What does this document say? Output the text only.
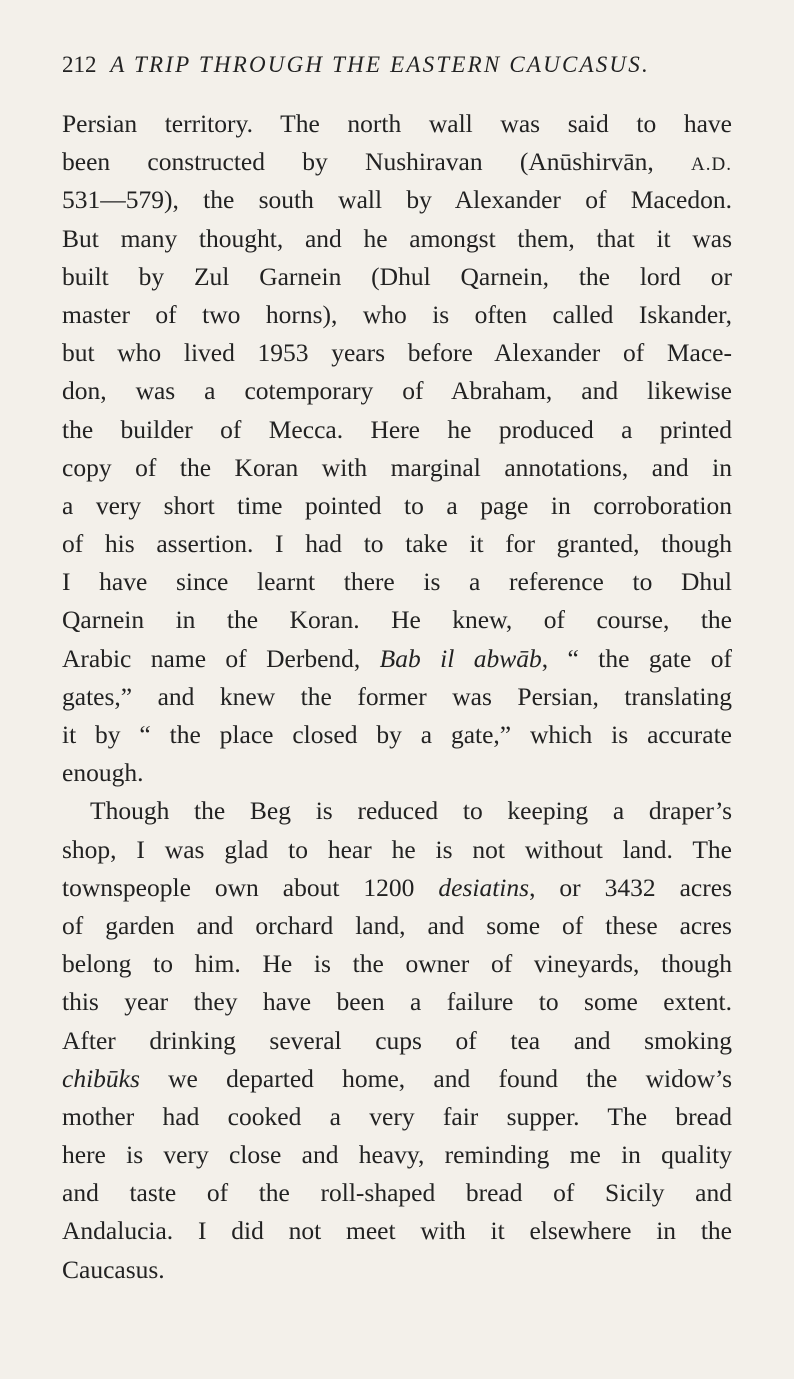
212 A TRIP THROUGH THE EASTERN CAUCASUS.
Persian territory. The north wall was said to have
been constructed by Nushiravan (Anūshirvān, A.D.
531—579), the south wall by Alexander of Macedon.
But many thought, and he amongst them, that it was
built by Zul Garnein (Dhul Qarnein, the lord or
master of two horns), who is often called Iskander,
but who lived 1953 years before Alexander of Mace-
don, was a cotemporary of Abraham, and likewise
the builder of Mecca. Here he produced a printed
copy of the Koran with marginal annotations, and in
a very short time pointed to a page in corroboration
of his assertion. I had to take it for granted, though
I have since learnt there is a reference to Dhul
Qarnein in the Koran. He knew, of course, the
Arabic name of Derbend, Bab il abwāb, “ the gate of
gates,” and knew the former was Persian, translating
it by “ the place closed by a gate,” which is accurate
enough.
Though the Beg is reduced to keeping a draper’s
shop, I was glad to hear he is not without land. The
townspeople own about 1200 desiatins, or 3432 acres
of garden and orchard land, and some of these acres
belong to him. He is the owner of vineyards, though
this year they have been a failure to some extent.
After drinking several cups of tea and smoking
chibūks we departed home, and found the widow’s
mother had cooked a very fair supper. The bread
here is very close and heavy, reminding me in quality
and taste of the roll-shaped bread of Sicily and
Andalucia. I did not meet with it elsewhere in the
Caucasus.
